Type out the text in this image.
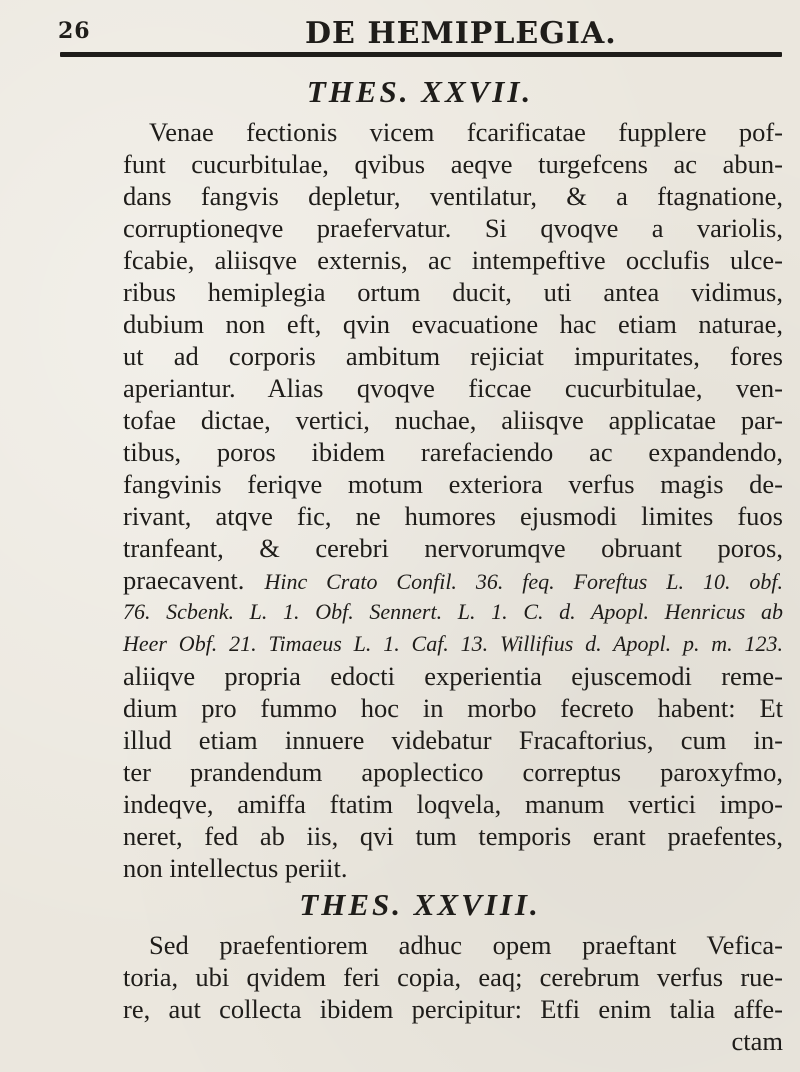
26	DE HEMIPLEGIA.
THES. XXVII.
Venae fectionis vicem fcarificatae fupplere pof-
funt cucurbitulae, qvibus aeqve turgefcens ac abun-
dans fangvis depletur, ventilatur, & a ftagnatione,
corruptioneqve praefervatur. Si qvoqve a variolis,
fcabie, aliisqve externis, ac intempeftive occlufis ulce-
ribus hemiplegia ortum ducit, uti antea vidimus,
dubium non eft, qvin evacuatione hac etiam naturae,
ut ad corporis ambitum rejiciat impuritates, fores
aperiantur. Alias qvoqve ficcae cucurbitulae, ven-
tofae dictae, vertici, nuchae, aliisqve applicatae par-
tibus, poros ibidem rarefaciendo ac expandendo,
fangvinis feriqve motum exteriora verfus magis de-
rivant, atqve fic, ne humores ejusmodi limites fuos
tranfeant, & cerebri nervorumqve obruant poros,
praecavent. Hinc Crato Confil. 36. feq. Foreftus L. 10. obf.
76. Scbenk. L. 1. Obf. Sennert. L. 1. C. d. Apopl. Henricus ab
Heer Obf. 21. Timaeus L. 1. Caf. 13. Willifius d. Apopl. p. m. 123.
aliiqve propria edocti experientia ejuscemodi reme-
dium pro fummo hoc in morbo fecreto habent: Et
illud etiam innuere videbatur Fracaftorius, cum in-
ter prandendum apoplectico correptus paroxyfmo,
indeqve, amiffa ftatim loqvela, manum vertici impo-
neret, fed ab iis, qvi tum temporis erant praefentes,
non intellectus periit.
THES. XXVIII.
Sed praefentiorem adhuc opem praeftant Vefica-
toria, ubi qvidem feri copia, eaq; cerebrum verfus rue-
re, aut collecta ibidem percipitur: Etfi enim talia affe-
ctam
